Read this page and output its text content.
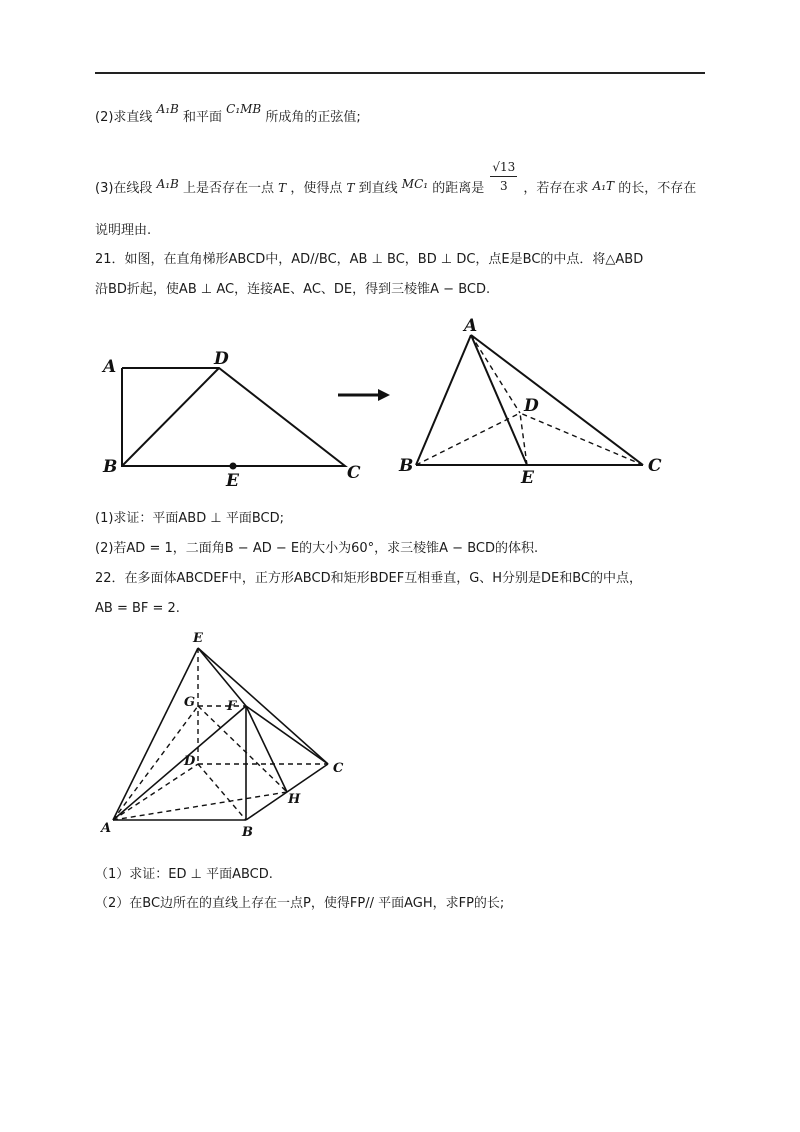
(2)求直线 A₁B 和平面 C₁MB 所成角的正弦值;
(3)在线段 A₁B 上是否存在一点 T ，使得点 T 到直线 MC₁ 的距离是 $\frac{√13}{3}$ ，若存在求 A₁T 的长，不存在
说明理由.
21．如图，在直角梯形ABCD中，AD//BC，AB ⊥ BC，BD ⊥ DC，点E是BC的中点．将△ABD
沿BD折起，使AB ⊥ AC，连接AE、AC、DE，得到三棱锥A − BCD.
A	D
B
E	C
A
D
B
E
C
(1)求证：平面ABD ⊥ 平面BCD;
(2)若AD = 1，二面角B − AD − E的大小为60°，求三棱锥A − BCD的体积.
22．在多面体ABCDEF中，正方形ABCD和矩形BDEF互相垂直，G、H分别是DE和BC的中点，
AB = BF = 2.
E
G F
D	C
H
A	B
（1）求证：ED ⊥ 平面ABCD.
（2）在BC边所在的直线上存在一点P，使得FP// 平面AGH，求FP的长;
